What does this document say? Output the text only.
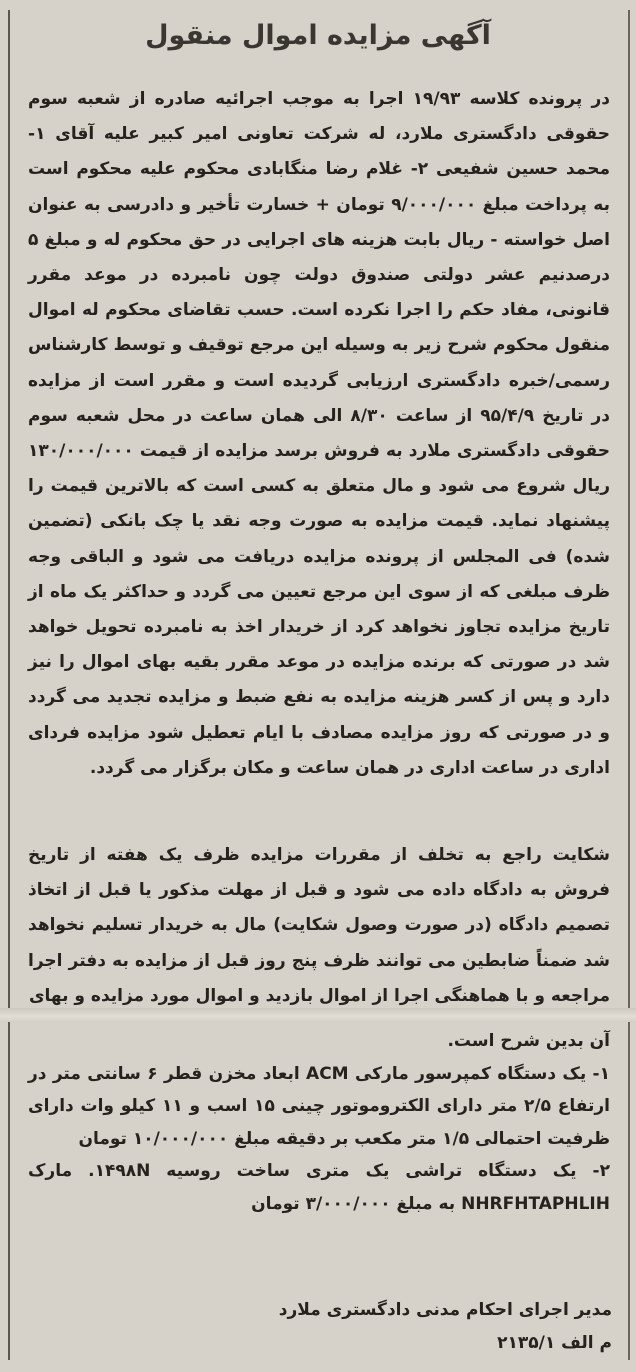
آگهی مزایده اموال منقول
در پرونده کلاسه ۱۹/۹۳ اجرا به موجب اجرائیه صادره از شعبه سوم حقوقی دادگستری ملارد، له شرکت تعاونی امیر کبیر علیه آقای ۱- محمد حسین شفیعی ۲- غلام رضا منگابادی محکوم علیه محکوم است به پرداخت مبلغ ۹/۰۰۰/۰۰۰ تومان + خسارت تأخیر و دادرسی به عنوان اصل خواسته - ریال بابت هزینه های اجرایی در حق محکوم له و مبلغ ۵ درصدنیم عشر دولتی صندوق دولت چون نامبرده در موعد مقرر قانونی، مفاد حکم را اجرا نکرده است. حسب تقاضای محکوم له اموال منقول محکوم شرح زیر به وسیله این مرجع توقیف و توسط کارشناس رسمی/خبره دادگستری ارزیابی گردیده است و مقرر است از مزایده در تاریخ ۹۵/۴/۹ از ساعت ۸/۳۰ الی همان ساعت در محل شعبه سوم حقوقی دادگستری ملارد به فروش برسد مزایده از قیمت ۱۳۰/۰۰۰/۰۰۰ ریال شروع می شود و مال متعلق به کسی است که بالاترین قیمت را پیشنهاد نماید. قیمت مزایده به صورت وجه نقد یا چک بانکی (تضمین شده) فی المجلس از پرونده مزایده دریافت می شود و الباقی وجه ظرف مبلغی که از سوی این مرجع تعیین می گردد و حداکثر یک ماه از تاریخ مزایده تجاوز نخواهد کرد از خریدار اخذ به نامبرده تحویل خواهد شد در صورتی که برنده مزایده در موعد مقرر بقیه بهای اموال را نیز دارد و پس از کسر هزینه مزایده به نفع ضبط و مزایده تجدید می گردد و در صورتی که روز مزایده مصادف با ایام تعطیل شود مزایده فردای اداری در ساعت اداری در همان ساعت و مکان برگزار می گردد.
شکایت راجع به تخلف از مقررات مزایده ظرف یک هفته از تاریخ فروش به دادگاه داده می شود و قبل از مهلت مذکور یا قبل از اتخاذ تصمیم دادگاه (در صورت وصول شکایت) مال به خریدار تسلیم نخواهد شد ضمناً ضابطین می توانند ظرف پنج روز قبل از مزایده به دفتر اجرا مراجعه و با هماهنگی اجرا از اموال بازدید و اموال مورد مزایده و بهای
آن بدین شرح است.
۱- یک دستگاه کمپرسور مارکی ACM ابعاد مخزن قطر ۶ سانتی متر در ارتفاع ۲/۵ متر دارای الکتروموتور چینی ۱۵ اسب و ۱۱ کیلو وات دارای ظرفیت احتمالی ۱/۵ متر مکعب بر دقیقه مبلغ ۱۰/۰۰۰/۰۰۰ تومان
۲- یک دستگاه تراشی یک متری ساخت روسیه ۱۴۹۸N. مارک NHRFHTAPHLIH به مبلغ ۳/۰۰۰/۰۰۰ تومان
مدیر اجرای احکام مدنی دادگستری ملارد
م الف ۲۱۳۵/۱
